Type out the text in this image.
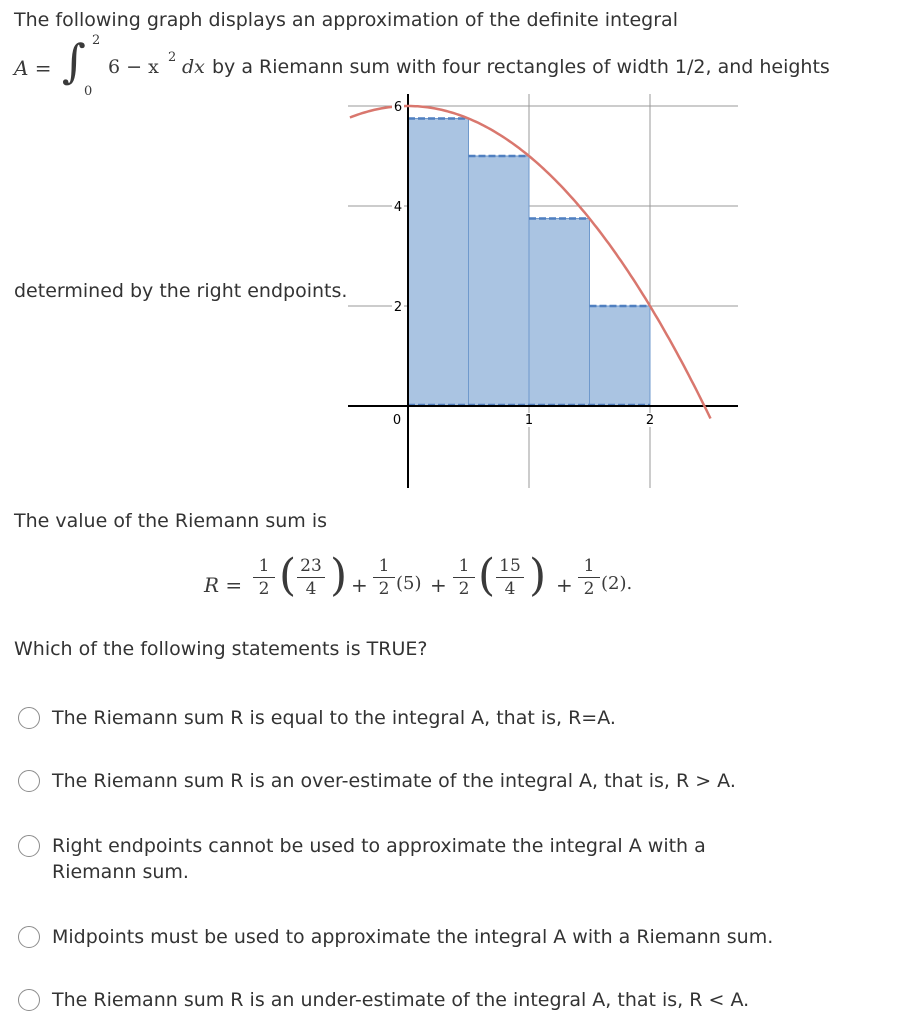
The following graph displays an approximation of the definite integral
A = ∫ 2
0
6 − x 2 dx by a Riemann sum with four rectangles of width 1/2, and heights
determined by the right endpoints.
0	1	2
2
4
6
The value of the Riemann sum is
R =
1
2 ( 23
4 ) +
1
2 (5) +
1
2 ( 15
4 ) +
1
2 (2).
Which of the following statements is TRUE?
The Riemann sum R is equal to the integral A, that is, R=A.
The Riemann sum R is an over-estimate of the integral A, that is, R > A.
Right endpoints cannot be used to approximate the integral A with a Riemann sum.
Midpoints must be used to approximate the integral A with a Riemann sum.
The Riemann sum R is an under-estimate of the integral A, that is, R < A.
